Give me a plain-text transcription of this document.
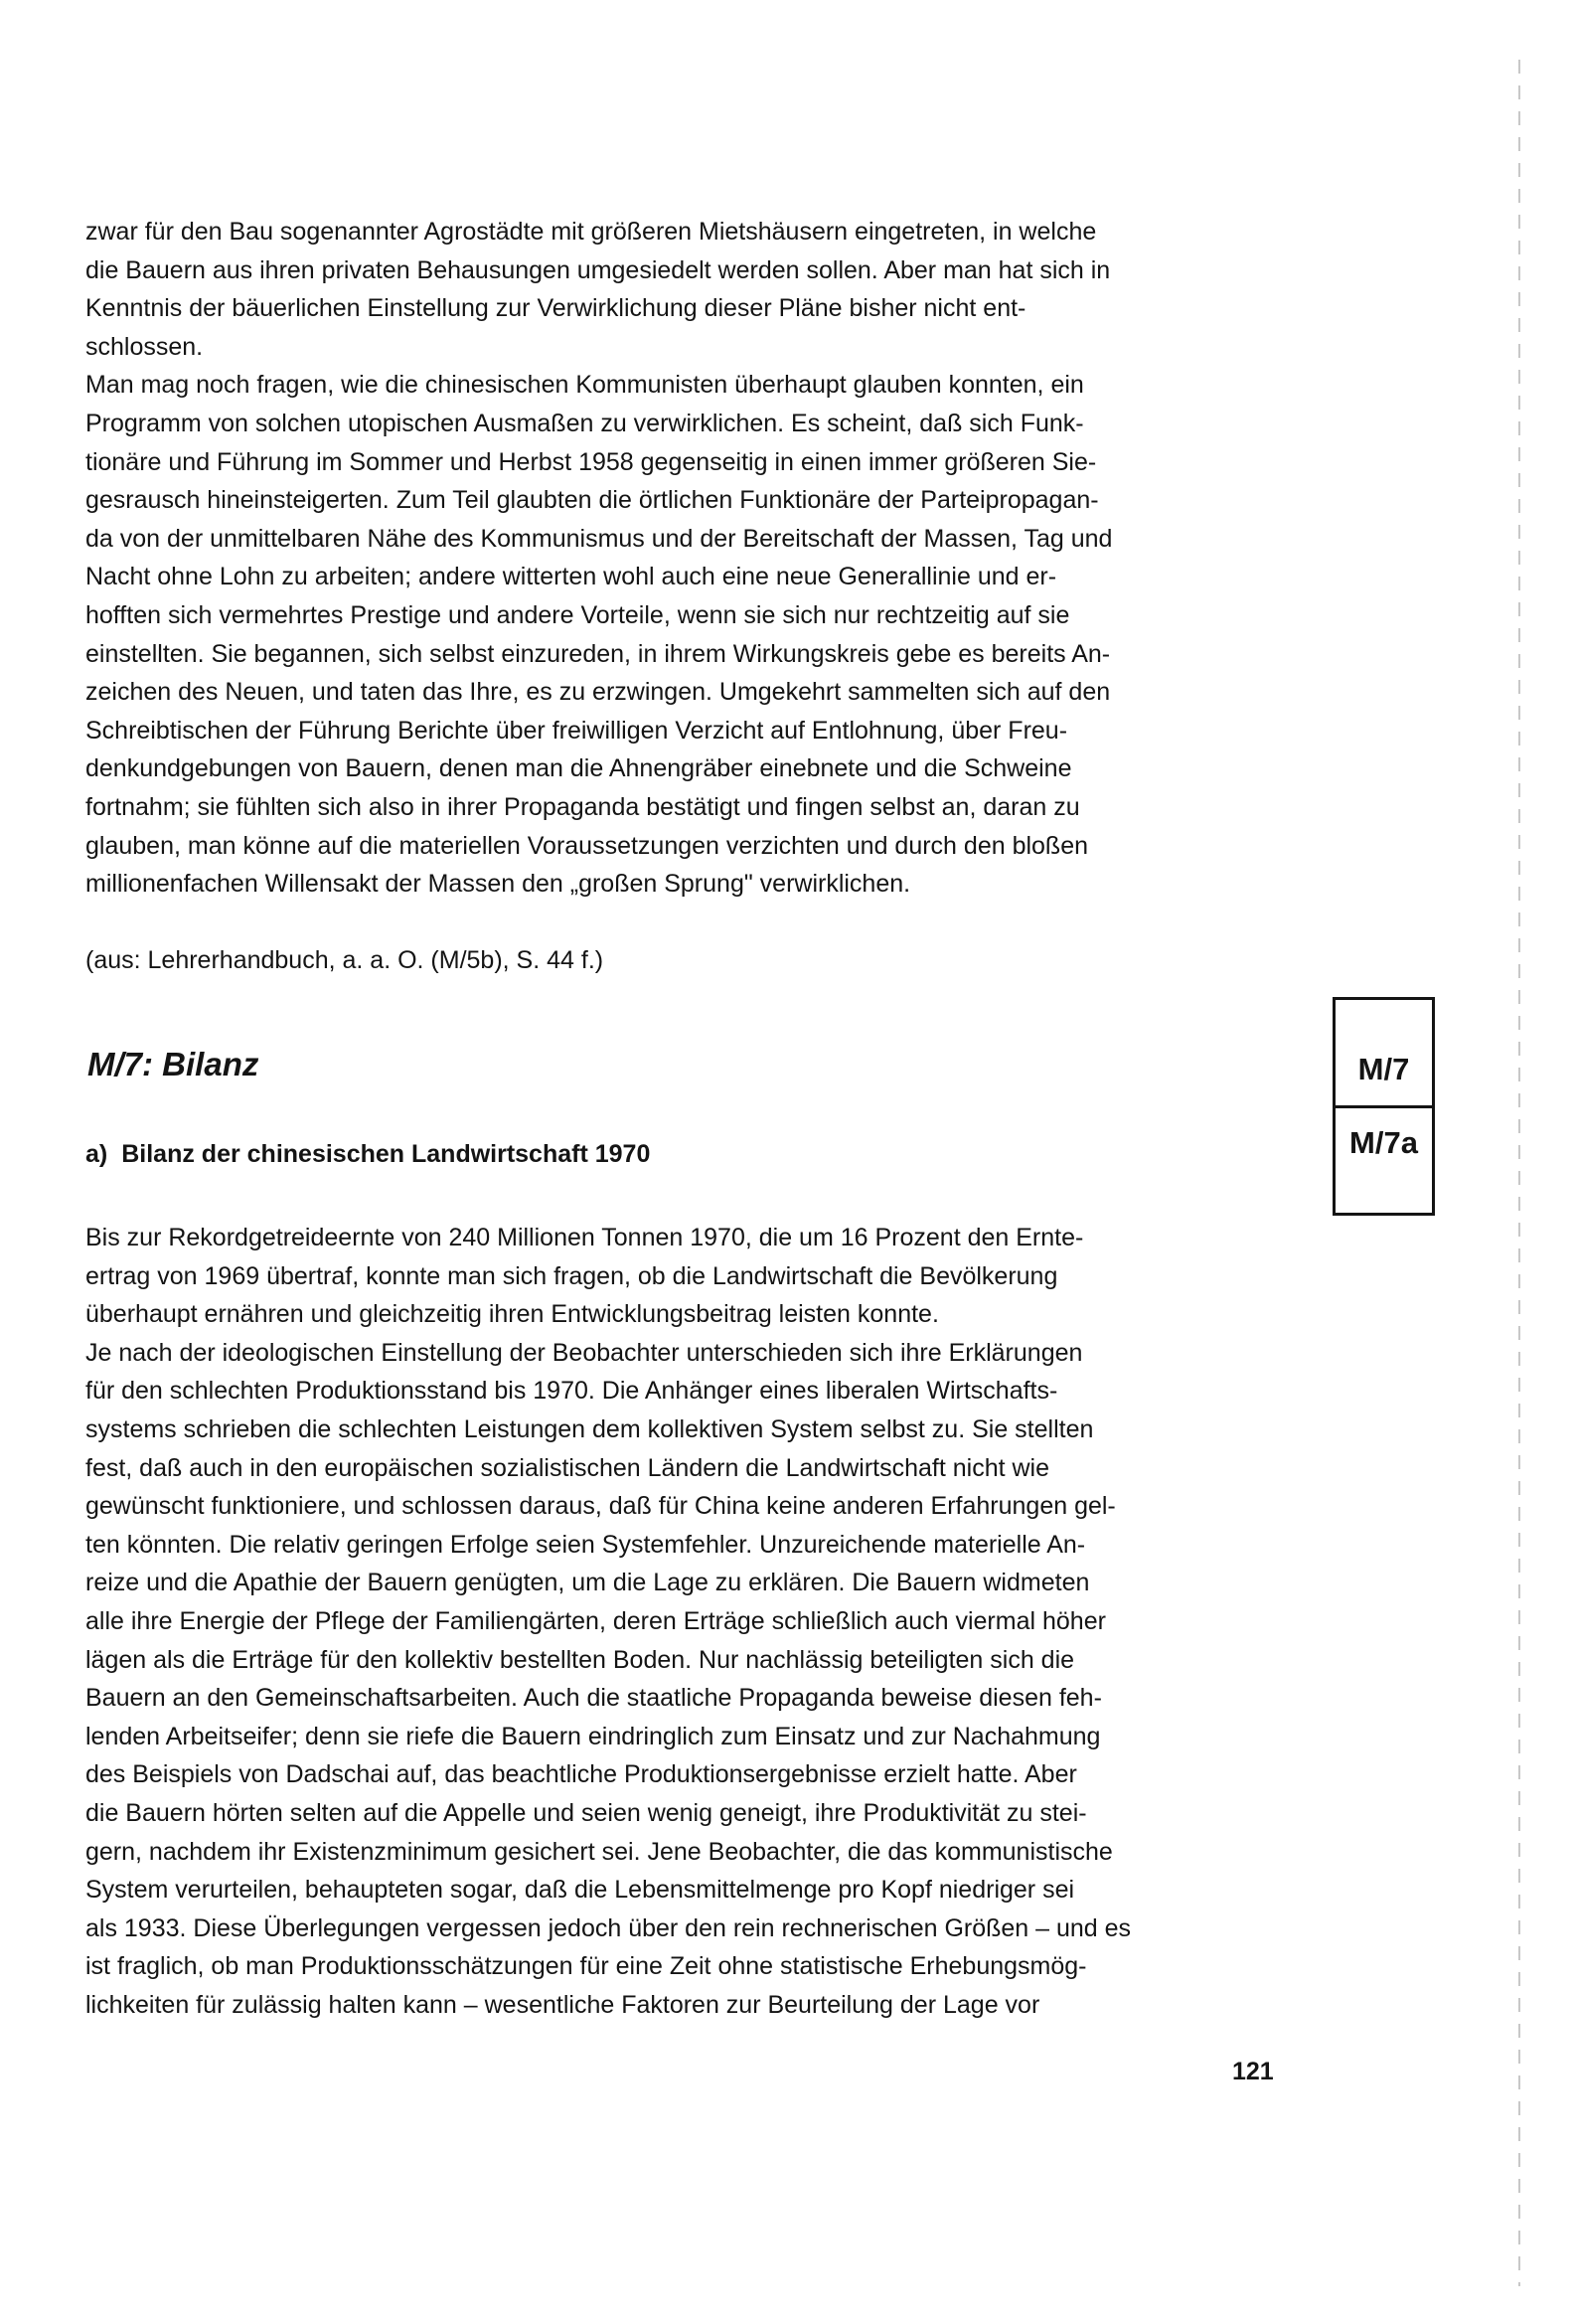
zwar für den Bau sogenannter Agrostädte mit größeren Mietshäusern eingetreten, in welche
die Bauern aus ihren privaten Behausungen umgesiedelt werden sollen. Aber man hat sich in
Kenntnis der bäuerlichen Einstellung zur Verwirklichung dieser Pläne bisher nicht ent-
schlossen.
Man mag noch fragen, wie die chinesischen Kommunisten überhaupt glauben konnten, ein
Programm von solchen utopischen Ausmaßen zu verwirklichen. Es scheint, daß sich Funk-
tionäre und Führung im Sommer und Herbst 1958 gegenseitig in einen immer größeren Sie-
gesrausch hineinsteigerten. Zum Teil glaubten die örtlichen Funktionäre der Parteipropagan-
da von der unmittelbaren Nähe des Kommunismus und der Bereitschaft der Massen, Tag und
Nacht ohne Lohn zu arbeiten; andere witterten wohl auch eine neue Generallinie und er-
hofften sich vermehrtes Prestige und andere Vorteile, wenn sie sich nur rechtzeitig auf sie
einstellten. Sie begannen, sich selbst einzureden, in ihrem Wirkungskreis gebe es bereits An-
zeichen des Neuen, und taten das Ihre, es zu erzwingen. Umgekehrt sammelten sich auf den
Schreibtischen der Führung Berichte über freiwilligen Verzicht auf Entlohnung, über Freu-
denkundgebungen von Bauern, denen man die Ahnengräber einebnete und die Schweine
fortnahm; sie fühlten sich also in ihrer Propaganda bestätigt und fingen selbst an, daran zu
glauben, man könne auf die materiellen Voraussetzungen verzichten und durch den bloßen
millionenfachen Willensakt der Massen den „großen Sprung" verwirklichen.
(aus: Lehrerhandbuch, a. a. O. (M/5b), S. 44 f.)
M/7: Bilanz	M/7
M/7a
a) Bilanz der chinesischen Landwirtschaft 1970
Bis zur Rekordgetreideernte von 240 Millionen Tonnen 1970, die um 16 Prozent den Ernte-
ertrag von 1969 übertraf, konnte man sich fragen, ob die Landwirtschaft die Bevölkerung
überhaupt ernähren und gleichzeitig ihren Entwicklungsbeitrag leisten konnte.
Je nach der ideologischen Einstellung der Beobachter unterschieden sich ihre Erklärungen
für den schlechten Produktionsstand bis 1970. Die Anhänger eines liberalen Wirtschafts-
systems schrieben die schlechten Leistungen dem kollektiven System selbst zu. Sie stellten
fest, daß auch in den europäischen sozialistischen Ländern die Landwirtschaft nicht wie
gewünscht funktioniere, und schlossen daraus, daß für China keine anderen Erfahrungen gel-
ten könnten. Die relativ geringen Erfolge seien Systemfehler. Unzureichende materielle An-
reize und die Apathie der Bauern genügten, um die Lage zu erklären. Die Bauern widmeten
alle ihre Energie der Pflege der Familiengärten, deren Erträge schließlich auch viermal höher
lägen als die Erträge für den kollektiv bestellten Boden. Nur nachlässig beteiligten sich die
Bauern an den Gemeinschaftsarbeiten. Auch die staatliche Propaganda beweise diesen feh-
lenden Arbeitseifer; denn sie riefe die Bauern eindringlich zum Einsatz und zur Nachahmung
des Beispiels von Dadschai auf, das beachtliche Produktionsergebnisse erzielt hatte. Aber
die Bauern hörten selten auf die Appelle und seien wenig geneigt, ihre Produktivität zu stei-
gern, nachdem ihr Existenzminimum gesichert sei. Jene Beobachter, die das kommunistische
System verurteilen, behaupteten sogar, daß die Lebensmittelmenge pro Kopf niedriger sei
als 1933. Diese Überlegungen vergessen jedoch über den rein rechnerischen Größen – und es
ist fraglich, ob man Produktionsschätzungen für eine Zeit ohne statistische Erhebungsmög-
lichkeiten für zulässig halten kann – wesentliche Faktoren zur Beurteilung der Lage vor
121
